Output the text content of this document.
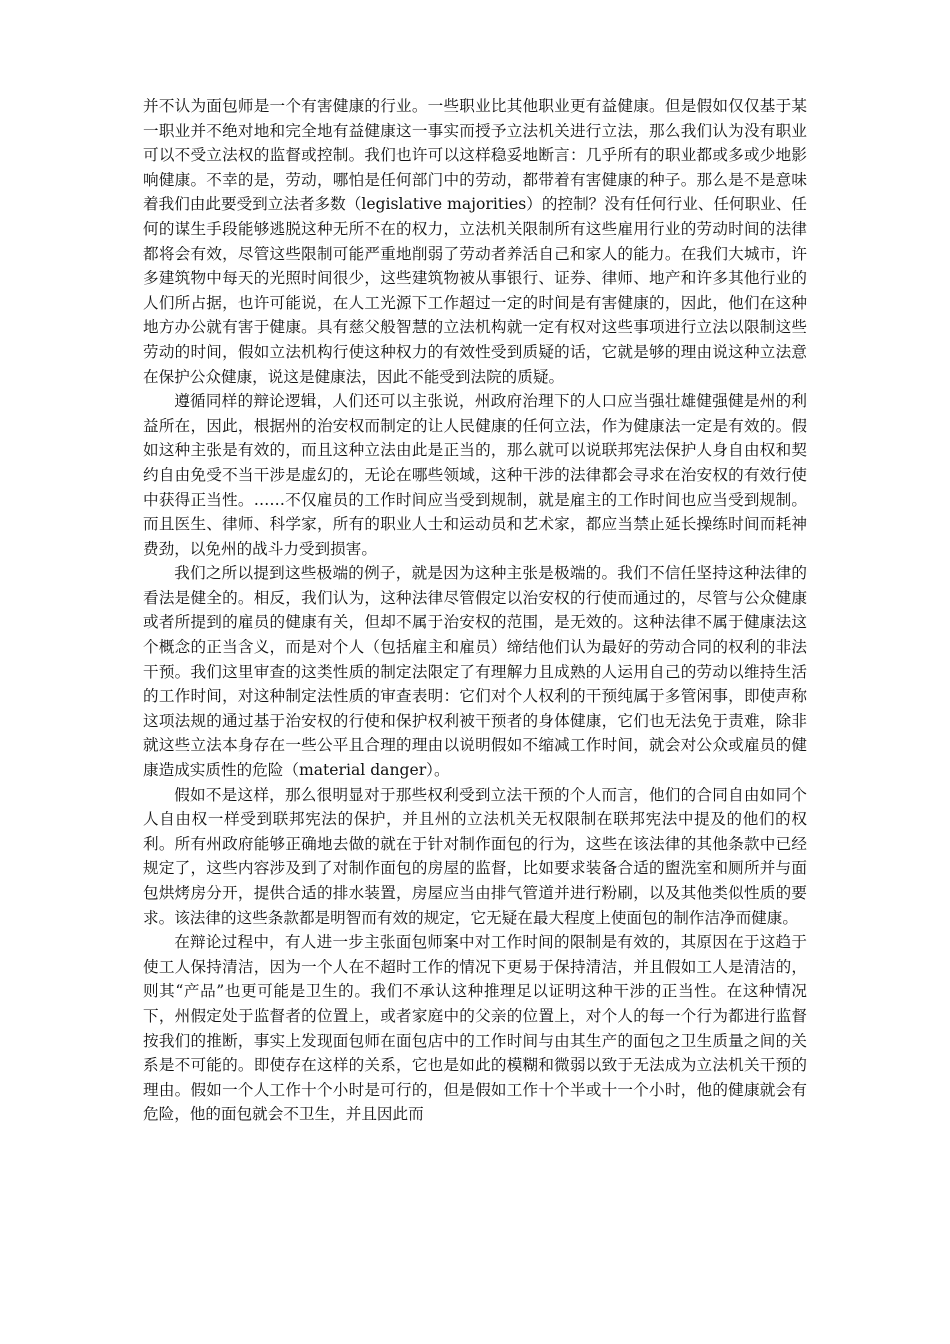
并不认为面包师是一个有害健康的行业。一些职业比其他职业更有益健康。但是假如仅仅基于某一职业并不绝对地和完全地有益健康这一事实而授予立法机关进行立法，那么我们认为没有职业可以不受立法权的监督或控制。我们也许可以这样稳妥地断言：几乎所有的职业都或多或少地影响健康。不幸的是，劳动，哪怕是任何部门中的劳动，都带着有害健康的种子。那么是不是意味着我们由此要受到立法者多数（legislative majorities）的控制？没有任何行业、任何职业、任何的谋生手段能够逃脱这种无所不在的权力，立法机关限制所有这些雇用行业的劳动时间的法律都将会有效，尽管这些限制可能严重地削弱了劳动者养活自己和家人的能力。在我们大城市，许多建筑物中每天的光照时间很少，这些建筑物被从事银行、证券、律师、地产和许多其他行业的人们所占据，也许可能说，在人工光源下工作超过一定的时间是有害健康的，因此，他们在这种地方办公就有害于健康。具有慈父般智慧的立法机构就一定有权对这些事项进行立法以限制这些劳动的时间，假如立法机构行使这种权力的有效性受到质疑的话，它就是够的理由说这种立法意在保护公众健康，说这是健康法，因此不能受到法院的质疑。

遵循同样的辩论逻辑，人们还可以主张说，州政府治理下的人口应当强壮雄健强健是州的利益所在，因此，根据州的治安权而制定的让人民健康的任何立法，作为健康法一定是有效的。假如这种主张是有效的，而且这种立法由此是正当的，那么就可以说联邦宪法保护人身自由权和契约自由免受不当干涉是虚幻的，无论在哪些领域，这种干涉的法律都会寻求在治安权的有效行使中获得正当性。……不仅雇员的工作时间应当受到规制，就是雇主的工作时间也应当受到规制。而且医生、律师、科学家，所有的职业人士和运动员和艺术家，都应当禁止延长操练时间而耗神费劲，以免州的战斗力受到损害。

我们之所以提到这些极端的例子，就是因为这种主张是极端的。我们不信任坚持这种法律的看法是健全的。相反，我们认为，这种法律尽管假定以治安权的行使而通过的，尽管与公众健康或者所提到的雇员的健康有关，但却不属于治安权的范围，是无效的。这种法律不属于健康法这个概念的正当含义，而是对个人（包括雇主和雇员）缔结他们认为最好的劳动合同的权利的非法干预。我们这里审查的这类性质的制定法限定了有理解力且成熟的人运用自己的劳动以维持生活的工作时间，对这种制定法性质的审查表明：它们对个人权利的干预纯属于多管闲事，即使声称这项法规的通过基于治安权的行使和保护权利被干预者的身体健康，它们也无法免于责难，除非就这些立法本身存在一些公平且合理的理由以说明假如不缩减工作时间，就会对公众或雇员的健康造成实质性的危险（material danger）。

假如不是这样，那么很明显对于那些权利受到立法干预的个人而言，他们的合同自由如同个人自由权一样受到联邦宪法的保护，并且州的立法机关无权限制在联邦宪法中提及的他们的权利。所有州政府能够正确地去做的就在于针对制作面包的行为，这些在该法律的其他条款中已经规定了，这些内容涉及到了对制作面包的房屋的监督，比如要求装备合适的盥洗室和厕所并与面包烘烤房分开，提供合适的排水装置，房屋应当由排气管道并进行粉刷，以及其他类似性质的要求。该法律的这些条款都是明智而有效的规定，它无疑在最大程度上使面包的制作洁净而健康。

在辩论过程中，有人进一步主张面包师案中对工作时间的限制是有效的，其原因在于这趋于使工人保持清洁，因为一个人在不超时工作的情况下更易于保持清洁，并且假如工人是清洁的，则其“产品”也更可能是卫生的。我们不承认这种推理足以证明这种干涉的正当性。在这种情况下，州假定处于监督者的位置上，或者家庭中的父亲的位置上，对个人的每一个行为都进行监督按我们的推断，事实上发现面包师在面包店中的工作时间与由其生产的面包之卫生质量之间的关系是不可能的。即使存在这样的关系，它也是如此的模糊和微弱以致于无法成为立法机关干预的理由。假如一个人工作十个小时是可行的，但是假如工作十个半或十一个小时，他的健康就会有危险，他的面包就会不卫生，并且因此而
